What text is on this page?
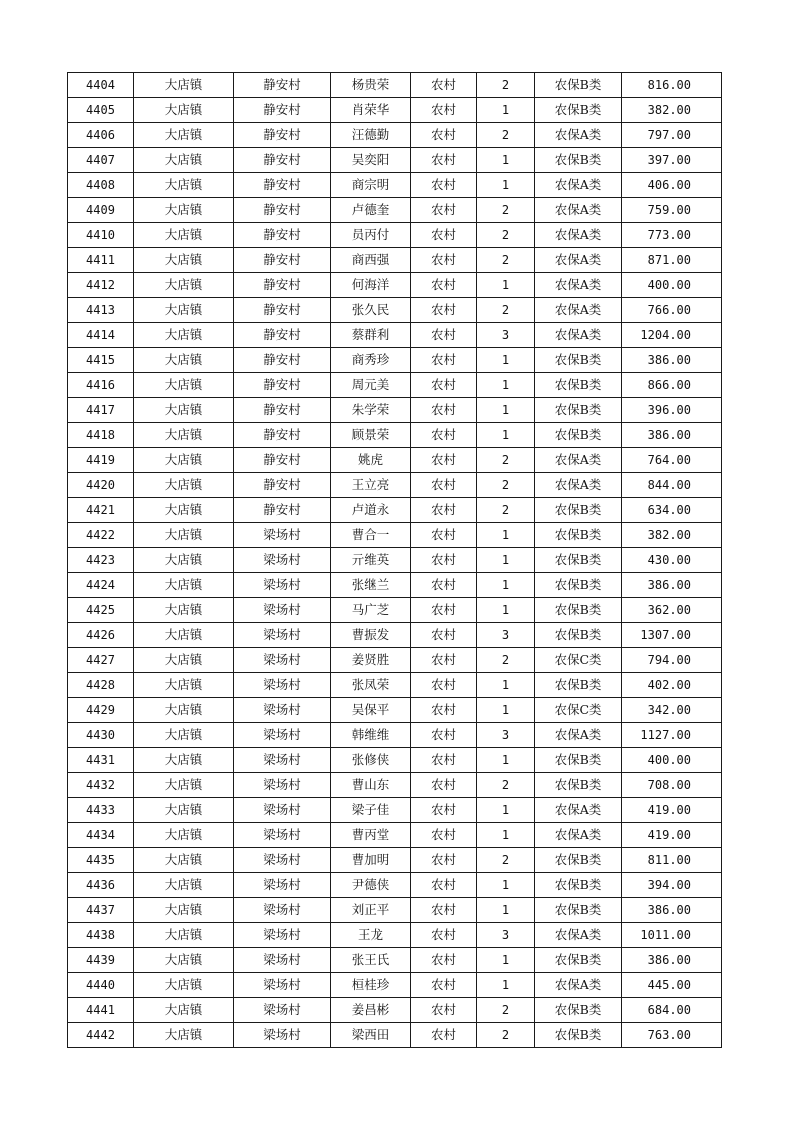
4404	大店镇	静安村	杨贵荣	农村	2	农保B类	816.00
4405	大店镇	静安村	肖荣华	农村	1	农保B类	382.00
4406	大店镇	静安村	汪德勤	农村	2	农保A类	797.00
4407	大店镇	静安村	吴奕阳	农村	1	农保B类	397.00
4408	大店镇	静安村	商宗明	农村	1	农保A类	406.00
4409	大店镇	静安村	卢德奎	农村	2	农保A类	759.00
4410	大店镇	静安村	员丙付	农村	2	农保A类	773.00
4411	大店镇	静安村	商西强	农村	2	农保A类	871.00
4412	大店镇	静安村	何海洋	农村	1	农保A类	400.00
4413	大店镇	静安村	张久民	农村	2	农保A类	766.00
4414	大店镇	静安村	蔡群利	农村	3	农保A类	1204.00
4415	大店镇	静安村	商秀珍	农村	1	农保B类	386.00
4416	大店镇	静安村	周元美	农村	1	农保B类	866.00
4417	大店镇	静安村	朱学荣	农村	1	农保B类	396.00
4418	大店镇	静安村	顾景荣	农村	1	农保B类	386.00
4419	大店镇	静安村	姚虎	农村	2	农保A类	764.00
4420	大店镇	静安村	王立亮	农村	2	农保A类	844.00
4421	大店镇	静安村	卢道永	农村	2	农保B类	634.00
4422	大店镇	梁场村	曹合一	农村	1	农保B类	382.00
4423	大店镇	梁场村	亓维英	农村	1	农保B类	430.00
4424	大店镇	梁场村	张继兰	农村	1	农保B类	386.00
4425	大店镇	梁场村	马广芝	农村	1	农保B类	362.00
4426	大店镇	梁场村	曹振发	农村	3	农保B类	1307.00
4427	大店镇	梁场村	姜贤胜	农村	2	农保C类	794.00
4428	大店镇	梁场村	张凤荣	农村	1	农保B类	402.00
4429	大店镇	梁场村	吴保平	农村	1	农保C类	342.00
4430	大店镇	梁场村	韩维维	农村	3	农保A类	1127.00
4431	大店镇	梁场村	张修侠	农村	1	农保B类	400.00
4432	大店镇	梁场村	曹山东	农村	2	农保B类	708.00
4433	大店镇	梁场村	梁子佳	农村	1	农保A类	419.00
4434	大店镇	梁场村	曹丙堂	农村	1	农保A类	419.00
4435	大店镇	梁场村	曹加明	农村	2	农保B类	811.00
4436	大店镇	梁场村	尹德侠	农村	1	农保B类	394.00
4437	大店镇	梁场村	刘正平	农村	1	农保B类	386.00
4438	大店镇	梁场村	王龙	农村	3	农保A类	1011.00
4439	大店镇	梁场村	张王氏	农村	1	农保B类	386.00
4440	大店镇	梁场村	桓桂珍	农村	1	农保A类	445.00
4441	大店镇	梁场村	姜昌彬	农村	2	农保B类	684.00
4442	大店镇	梁场村	梁西田	农村	2	农保B类	763.00
